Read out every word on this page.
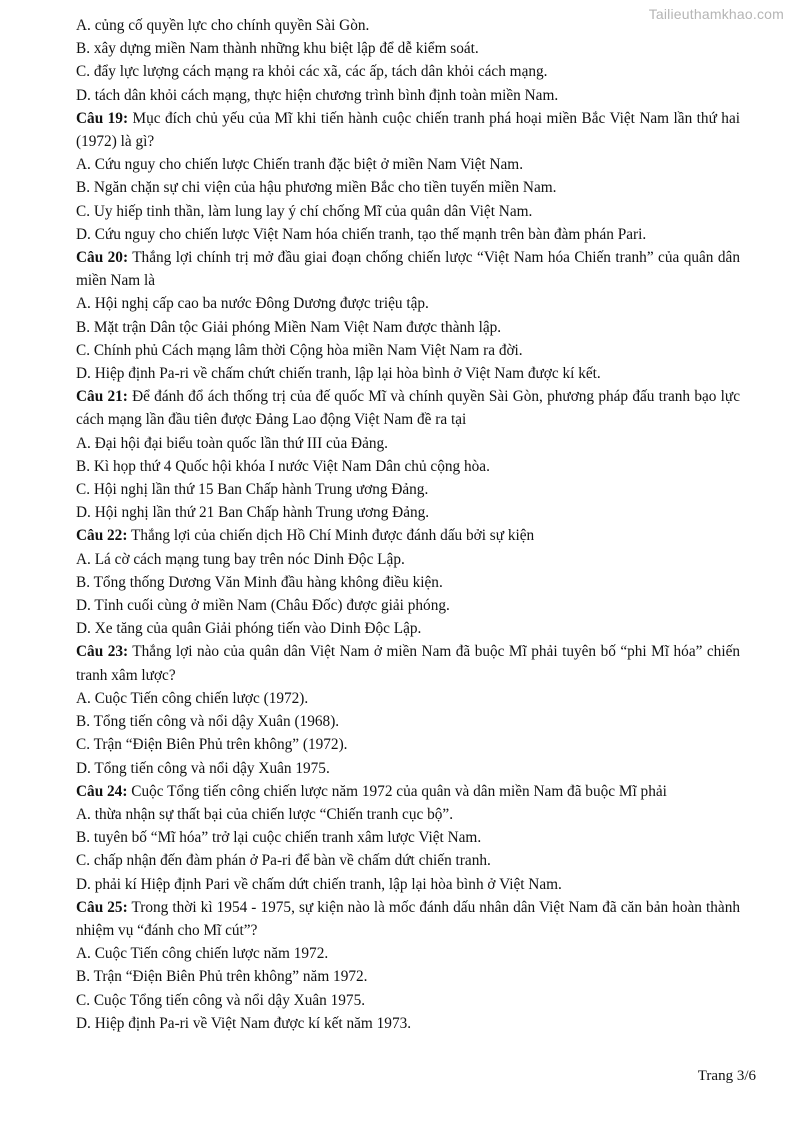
Tailieuthamkhao.com
A. củng cố quyền lực cho chính quyền Sài Gòn.
B. xây dựng miền Nam thành những khu biệt lập để dễ kiểm soát.
C. đẩy lực lượng cách mạng ra khỏi các xã, các ấp, tách dân khỏi cách mạng.
D. tách dân khỏi cách mạng, thực hiện chương trình bình định toàn miền Nam.
Câu 19: Mục đích chủ yếu của Mĩ khi tiến hành cuộc chiến tranh phá hoại miền Bắc Việt Nam lần thứ hai (1972) là gì?
A. Cứu nguy cho chiến lược Chiến tranh đặc biệt ở miền Nam Việt Nam.
B. Ngăn chặn sự chi viện của hậu phương miền Bắc cho tiền tuyến miền Nam.
C. Uy hiếp tinh thần, làm lung lay ý chí chống Mĩ của quân dân Việt Nam.
D. Cứu nguy cho chiến lược Việt Nam hóa chiến tranh, tạo thế mạnh trên bàn đàm phán Pari.
Câu 20: Thắng lợi chính trị mở đầu giai đoạn chống chiến lược “Việt Nam hóa Chiến tranh” của quân dân miền Nam là
A. Hội nghị cấp cao ba nước Đông Dương được triệu tập.
B. Mặt trận Dân tộc Giải phóng Miền Nam Việt Nam được thành lập.
C. Chính phủ Cách mạng lâm thời Cộng hòa miền Nam Việt Nam ra đời.
D. Hiệp định Pa-ri về chấm chứt chiến tranh, lập lại hòa bình ở Việt Nam được kí kết.
Câu 21: Để đánh đổ ách thống trị của đế quốc Mĩ và chính quyền Sài Gòn, phương pháp đấu tranh bạo lực cách mạng lần đầu tiên được Đảng Lao động Việt Nam đề ra tại
A. Đại hội đại biểu toàn quốc lần thứ III của Đảng.
B. Kì họp thứ 4 Quốc hội khóa I nước Việt Nam Dân chủ cộng hòa.
C. Hội nghị lần thứ 15 Ban Chấp hành Trung ương Đảng.
D. Hội nghị lần thứ 21 Ban Chấp hành Trung ương Đảng.
Câu 22: Thắng lợi của chiến dịch Hồ Chí Minh được đánh dấu bởi sự kiện
A. Lá cờ cách mạng tung bay trên nóc Dinh Độc Lập.
B. Tổng thống Dương Văn Minh đầu hàng không điều kiện.
D. Tỉnh cuối cùng ở miền Nam (Châu Đốc) được giải phóng.
D. Xe tăng của quân Giải phóng tiến vào Dinh Độc Lập.
Câu 23: Thắng lợi nào của quân dân Việt Nam ở miền Nam đã buộc Mĩ phải tuyên bố “phi Mĩ hóa” chiến tranh xâm lược?
A. Cuộc Tiến công chiến lược (1972).
B. Tổng tiến công và nổi dậy Xuân (1968).
C. Trận “Điện Biên Phủ trên không” (1972).
D. Tổng tiến công và nổi dậy Xuân 1975.
Câu 24: Cuộc Tổng tiến công chiến lược năm 1972 của quân và dân miền Nam đã buộc Mĩ phải
A. thừa nhận sự thất bại của chiến lược “Chiến tranh cục bộ”.
B. tuyên bố “Mĩ hóa” trở lại cuộc chiến tranh xâm lược Việt Nam.
C. chấp nhận đến đàm phán ở Pa-ri để bàn về chấm dứt chiến tranh.
D. phải kí Hiệp định Pari về chấm dứt chiến tranh, lập lại hòa bình ở Việt Nam.
Câu 25: Trong thời kì 1954 - 1975, sự kiện nào là mốc đánh dấu nhân dân Việt Nam đã căn bản hoàn thành nhiệm vụ “đánh cho Mĩ cút”?
A. Cuộc Tiến công chiến lược năm 1972.
B. Trận “Điện Biên Phủ trên không” năm 1972.
C. Cuộc Tổng tiến công và nổi dậy Xuân 1975.
D. Hiệp định Pa-ri về Việt Nam được kí kết năm 1973.
Trang 3/6
